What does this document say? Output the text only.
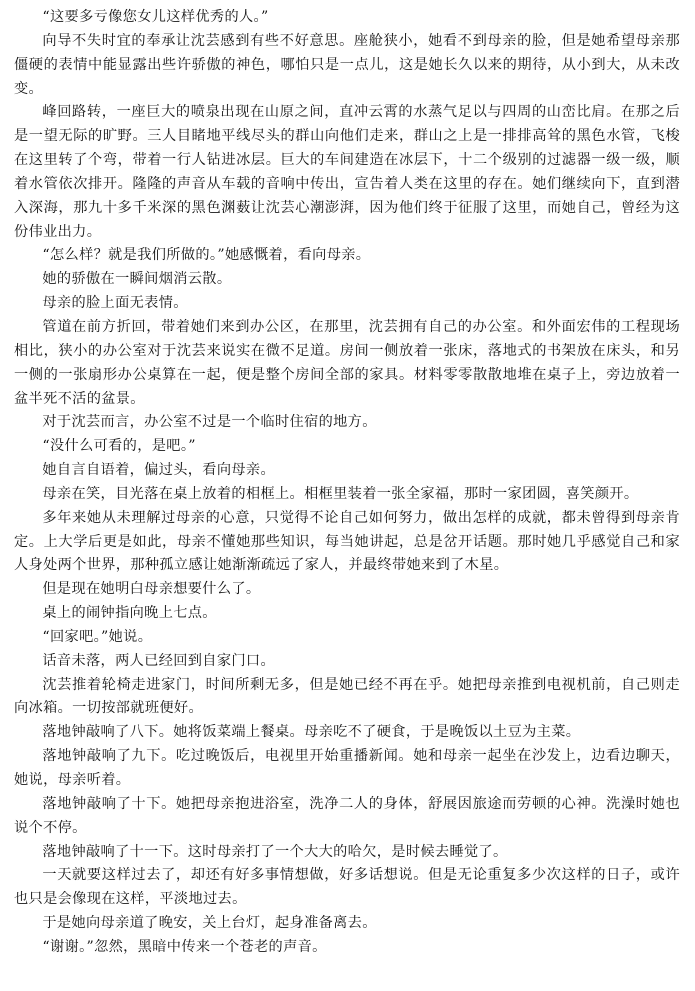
“这要多亏像您女儿这样优秀的人。”

向导不失时宜的奉承让沈芸感到有些不好意思。座舱狭小，她看不到母亲的脸，但是她希望母亲那僵硬的表情中能显露出些许骄傲的神色，哪怕只是一点儿，这是她长久以来的期待，从小到大，从未改变。

峰回路转，一座巨大的喷泉出现在山原之间，直冲云霄的水蒸气足以与四周的山峦比肩。在那之后是一望无际的旷野。三人目睹地平线尽头的群山向他们走来，群山之上是一排排高耸的黑色水管，飞梭在这里转了个弯，带着一行人钻进冰层。巨大的车间建造在冰层下，十二个级别的过滤器一级一级，顺着水管依次排开。隆隆的声音从车载的音响中传出，宣告着人类在这里的存在。她们继续向下，直到潜入深海，那九十多千米深的黑色渊薮让沈芸心潮澎湃，因为他们终于征服了这里，而她自己，曾经为这份伟业出力。

“怎么样？就是我们所做的。”她感慨着，看向母亲。

她的骄傲在一瞬间烟消云散。

母亲的脸上面无表情。

管道在前方折回，带着她们来到办公区，在那里，沈芸拥有自己的办公室。和外面宏伟的工程现场相比，狭小的办公室对于沈芸来说实在微不足道。房间一侧放着一张床，落地式的书架放在床头，和另一侧的一张扇形办公桌算在一起，便是整个房间全部的家具。材料零零散散地堆在桌子上，旁边放着一盆半死不活的盆景。

对于沈芸而言，办公室不过是一个临时住宿的地方。

“没什么可看的，是吧。”

她自言自语着，偏过头，看向母亲。

母亲在笑，目光落在桌上放着的相框上。相框里装着一张全家福，那时一家团圆，喜笑颜开。

多年来她从未理解过母亲的心意，只觉得不论自己如何努力，做出怎样的成就，都未曾得到母亲肯定。上大学后更是如此，母亲不懂她那些知识，每当她讲起，总是岔开话题。那时她几乎感觉自己和家人身处两个世界，那种孤立感让她渐渐疏远了家人，并最终带她来到了木星。

但是现在她明白母亲想要什么了。

桌上的闹钟指向晚上七点。

“回家吧。”她说。

话音未落，两人已经回到自家门口。

沈芸推着轮椅走进家门，时间所剩无多，但是她已经不再在乎。她把母亲推到电视机前，自己则走向冰箱。一切按部就班便好。

落地钟敲响了八下。她将饭菜端上餐桌。母亲吃不了硬食，于是晚饭以土豆为主菜。

落地钟敲响了九下。吃过晚饭后，电视里开始重播新闻。她和母亲一起坐在沙发上，边看边聊天，她说，母亲听着。

落地钟敲响了十下。她把母亲抱进浴室，洗净二人的身体，舒展因旅途而劳顿的心神。洗澡时她也说个不停。

落地钟敲响了十一下。这时母亲打了一个大大的哈欠，是时候去睡觉了。

一天就要这样过去了，却还有好多事情想做，好多话想说。但是无论重复多少次这样的日子，或许也只是会像现在这样，平淡地过去。

于是她向母亲道了晚安，关上台灯，起身准备离去。

“谢谢。”忽然，黑暗中传来一个苍老的声音。
